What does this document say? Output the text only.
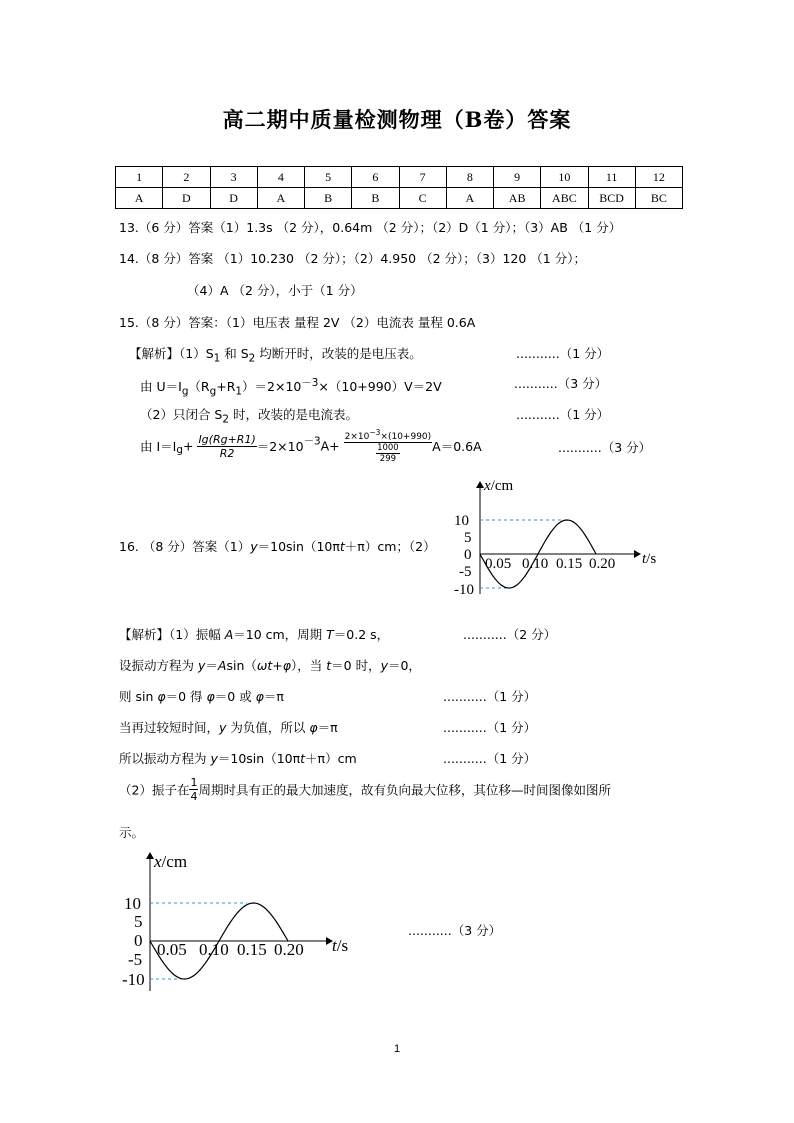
高二期中质量检测物理（B卷）答案
1	2	3	4	5	6	7	8	9	10	11	12
A	D	D	A	B	B	C	A	AB	ABC	BCD	BC
13.（6 分）答案（1）1.3s （2 分），0.64m （2 分）；（2）D（1 分）；（3）AB （1 分）
14.（8 分）答案 （1）10.230 （2 分）；（2）4.950 （2 分）；（3）120 （1 分）；
（4）A （2 分），小于（1 分）
15.（8 分）答案：（1）电压表 量程 2V （2）电流表 量程 0.6A
【解析】$(1)S_1$ 和 $S_2$ 均断开时，改装的是电压表。	...........（1 分）
由 $U=I_g(R_g+R_1)=2\times 10^{-3}\times(10+990)V=2V$	...........（3 分）
（2）只闭合 $S_2$ 时，改装的是电流表。	...........（1 分）
由 $I=I_g+ \frac{Ig(Rg+R1)}{R2} =2\times 10^{-3}A+ \frac{2\times 10^{-3}\times(10+990)}{\frac{1000}{299}} A=0.6A$	...........（3 分）
16. （8 分）答案（1）y＝10sin（10πt＋π）cm；（2）
x/cm
10
5
0
-5
-10
0.05 0.10 0.15 0.20 t/s
【解析】（1）振幅 A＝10 cm，周期 T＝0.2 s，	...........（2 分）
设振动方程为 y＝Asin（ωt+φ），当 t＝0 时，y＝0，
则 sin φ＝0 得 φ＝0 或 φ＝π	...........（1 分）
当再过较短时间，y 为负值，所以 φ＝π	...........（1 分）
所以振动方程为 y＝10sin（10πt＋π）cm	...........（1 分）
（2）振子在 $\frac{1}{4}$ 周期时具有正的最大加速度，故有负向最大位移，其位移—时间图像如图所
示。
x/cm
10
5
0
-5
-10
0.05 0.10 0.15 0.20 t/s
...........（3 分）
1
